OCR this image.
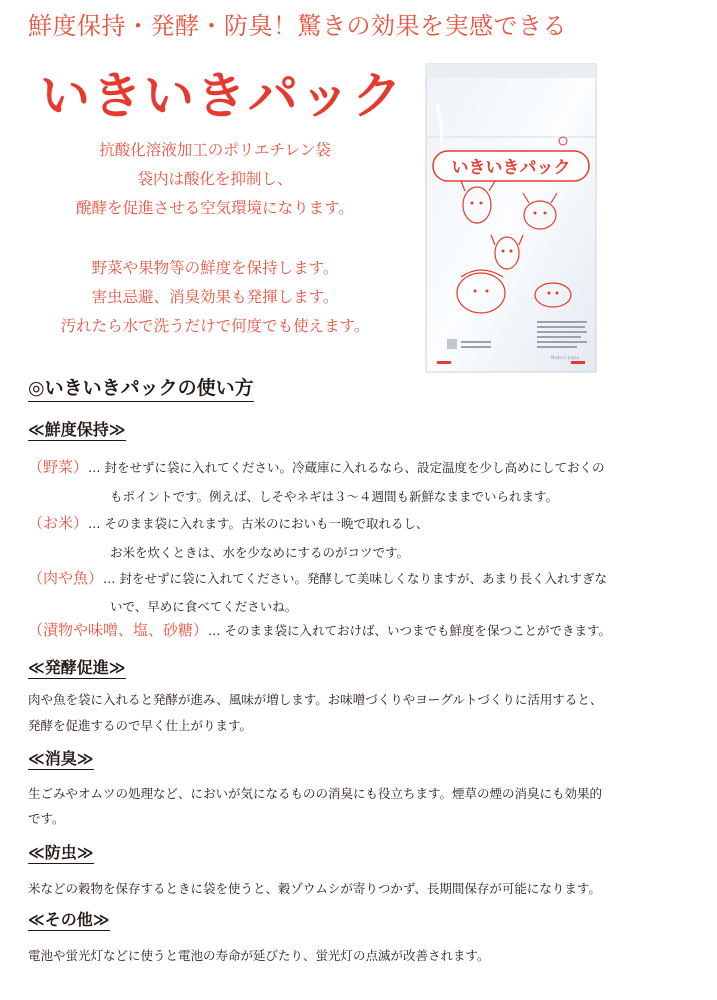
鮮度保持・発酵・防臭！驚きの効果を実感できる
いきいきパック

抗酸化溶液加工のポリエチレン袋

袋内は酸化を抑制し、

醗酵を促進させる空気環境になります。

野菜や果物等の鮮度を保持します。

害虫忌避、消臭効果も発揮します。

汚れたら水で洗うだけで何度でも使えます。

いきいきパック
Made in Japan
◎いきいきパックの使い方
≪鮮度保持≫
（野菜）… 封をせずに袋に入れてください。冷蔵庫に入れるなら、設定温度を少し高めにしておくの
もポイントです。例えば、しそやネギは３～４週間も新鮮なままでいられます。
（お米）… そのまま袋に入れます。古米のにおいも一晩で取れるし、
お米を炊くときは、水を少なめにするのがコツです。
（肉や魚）… 封をせずに袋に入れてください。発酵して美味しくなりますが、あまり長く入れすぎな
いで、早めに食べてくださいね。
（漬物や味噌、塩、砂糖）… そのまま袋に入れておけば、いつまでも鮮度を保つことができます。
≪発酵促進≫
肉や魚を袋に入れると発酵が進み、風味が増します。お味噌づくりやヨーグルトづくりに活用すると、
発酵を促進するので早く仕上がります。
≪消臭≫
生ごみやオムツの処理など、においが気になるものの消臭にも役立ちます。煙草の煙の消臭にも効果的
です。
≪防虫≫
米などの穀物を保存するときに袋を使うと、穀ゾウムシが寄りつかず、長期間保存が可能になります。
≪その他≫
電池や蛍光灯などに使うと電池の寿命が延びたり、蛍光灯の点滅が改善されます。
